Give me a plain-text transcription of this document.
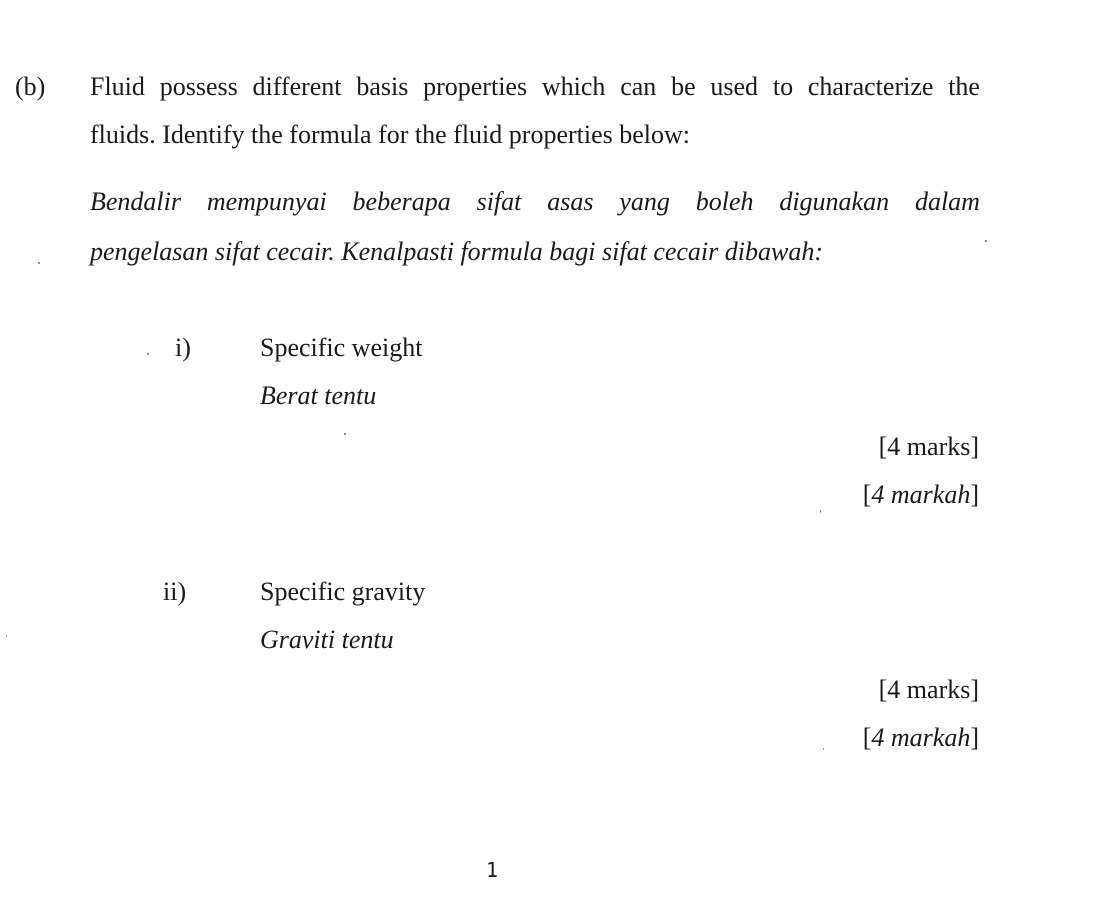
(b) Fluid possess different basis properties which can be used to characterize the
fluids. Identify the formula for the fluid properties below:
Bendalir mempunyai beberapa sifat asas yang boleh digunakan dalam
pengelasan sifat cecair. Kenalpasti formula bagi sifat cecair dibawah:
i)	Specific weight
Berat tentu
[4 marks]
[4 markah]
ii)	Specific gravity
Graviti tentu
[4 marks]
[4 markah]
1
